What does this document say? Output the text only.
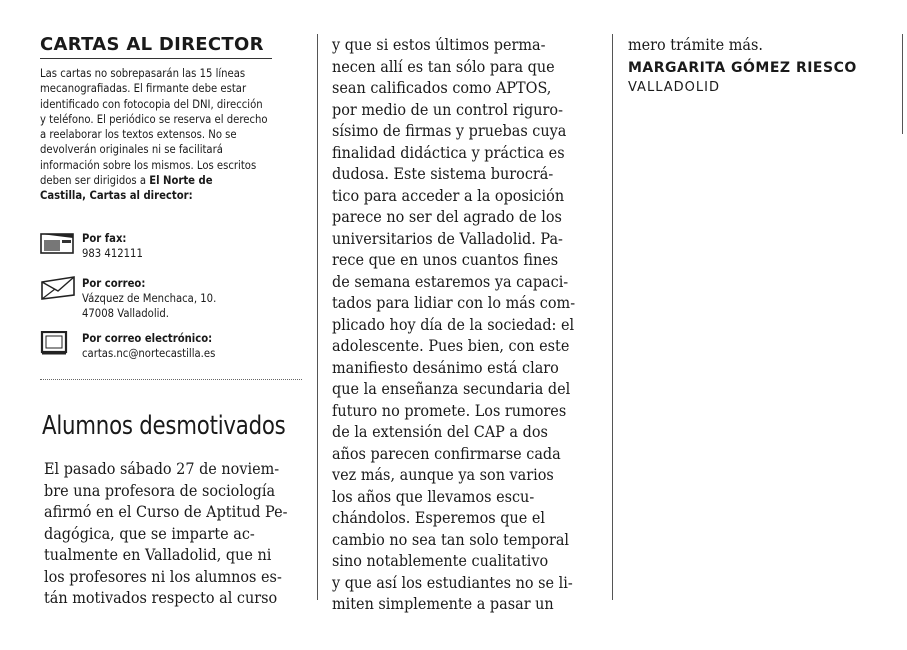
CARTAS AL DIRECTOR

Las cartas no sobrepasarán las 15 líneas
mecanografiadas. El firmante debe estar
identificado con fotocopia del DNI, dirección
y teléfono. El periódico se reserva el derecho
a reelaborar los textos extensos. No se
devolverán originales ni se facilitará
información sobre los mismos. Los escritos
deben ser dirigidos a El Norte de
Castilla, Cartas al director:

Por fax:
983 412111
Por correo:
Vázquez de Menchaca, 10.
47008 Valladolid.
Por correo electrónico:
cartas.nc@nortecastilla.es
Alumnos desmotivados
El pasado sábado 27 de noviem-
bre una profesora de sociología
afirmó en el Curso de Aptitud Pe-
dagógica, que se imparte ac-
tualmente en Valladolid, que ni
los profesores ni los alumnos es-
tán motivados respecto al curso
y que si estos últimos perma-
necen allí es tan sólo para que
sean calificados como APTOS,
por medio de un control riguro-
sísimo de firmas y pruebas cuya
finalidad didáctica y práctica es
dudosa. Este sistema burocrá-
tico para acceder a la oposición
parece no ser del agrado de los
universitarios de Valladolid. Pa-
rece que en unos cuantos fines
de semana estaremos ya capaci-
tados para lidiar con lo más com-
plicado hoy día de la sociedad: el
adolescente. Pues bien, con este
manifiesto desánimo está claro
que la enseñanza secundaria del
futuro no promete. Los rumores
de la extensión del CAP a dos
años parecen confirmarse cada
vez más, aunque ya son varios
los años que llevamos escu-
chándolos. Esperemos que el
cambio no sea tan solo temporal
sino notablemente cualitativo
y que así los estudiantes no se li-
miten simplemente a pasar un
mero trámite más.
MARGARITA GÓMEZ RIESCO
VALLADOLID
